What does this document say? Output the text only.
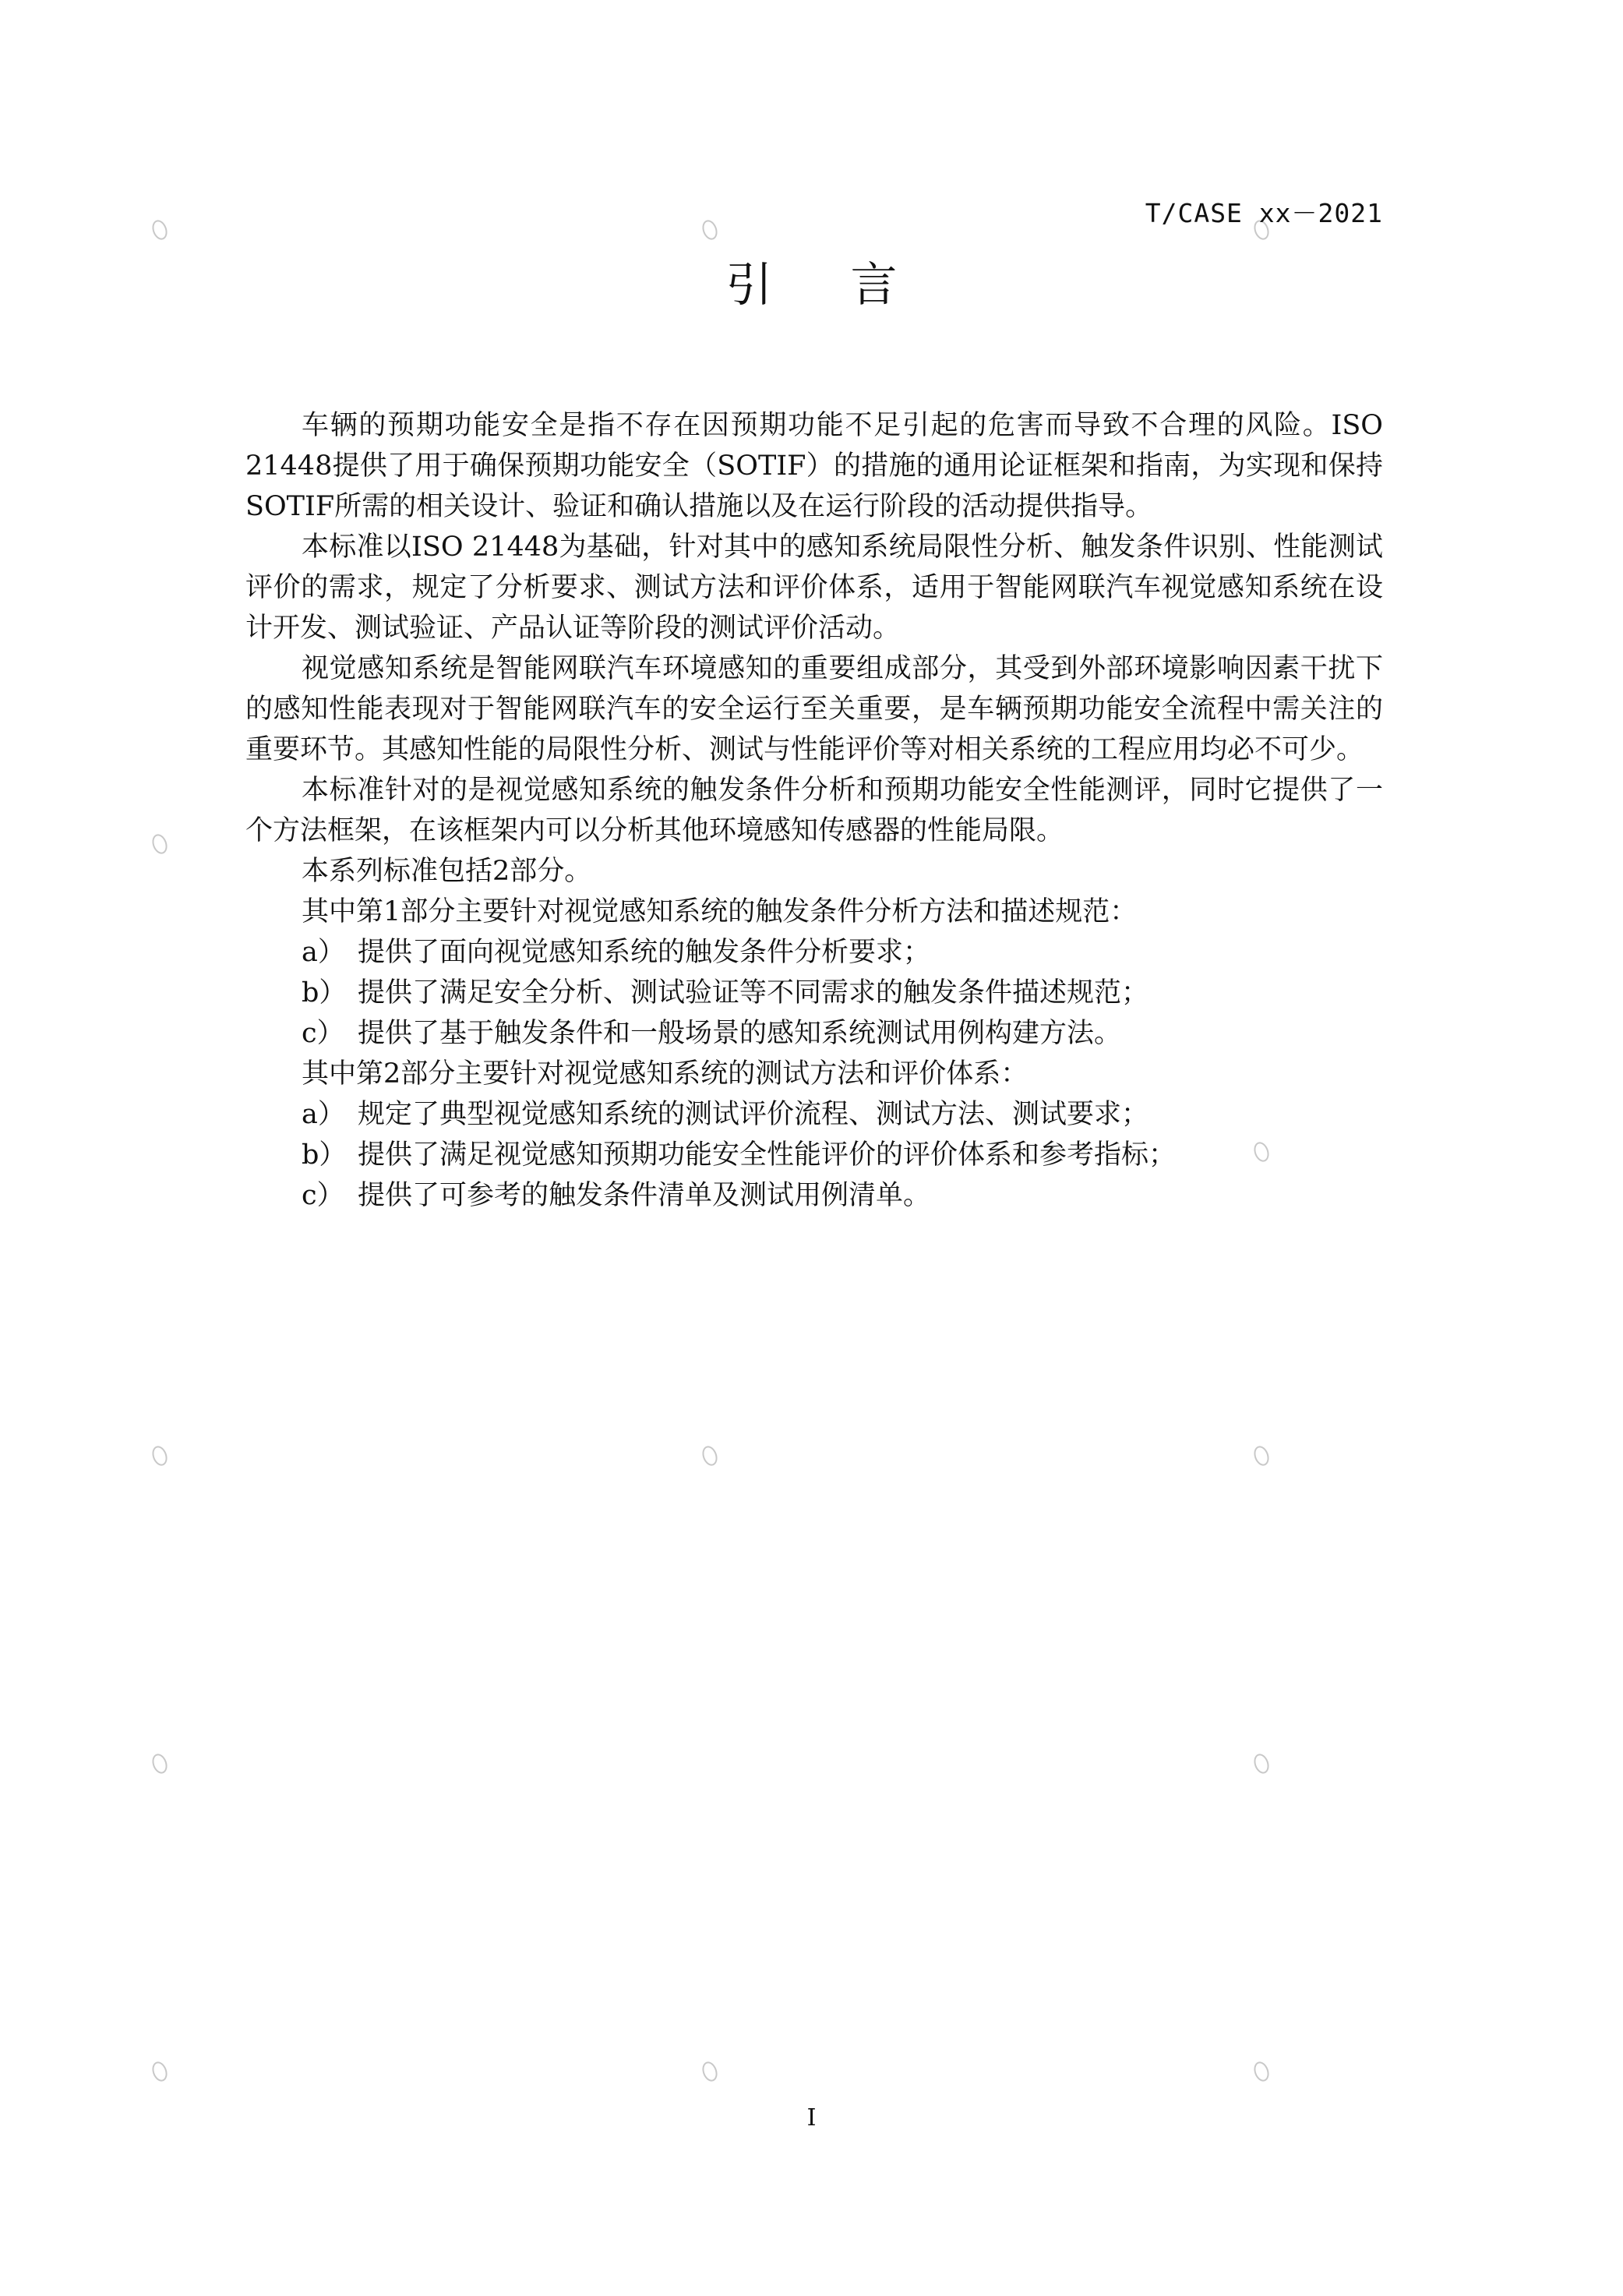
T/CASE xx－2021
引言

车辆的预期功能安全是指不存在因预期功能不足引起的危害而导致不合理的风险。ISO 21448提供了用于确保预期功能安全（SOTIF）的措施的通用论证框架和指南，为实现和保持SOTIF所需的相关设计、验证和确认措施以及在运行阶段的活动提供指导。

本标准以ISO 21448为基础，针对其中的感知系统局限性分析、触发条件识别、性能测试评价的需求，规定了分析要求、测试方法和评价体系，适用于智能网联汽车视觉感知系统在设计开发、测试验证、产品认证等阶段的测试评价活动。

视觉感知系统是智能网联汽车环境感知的重要组成部分，其受到外部环境影响因素干扰下的感知性能表现对于智能网联汽车的安全运行至关重要，是车辆预期功能安全流程中需关注的重要环节。其感知性能的局限性分析、测试与性能评价等对相关系统的工程应用均必不可少。

本标准针对的是视觉感知系统的触发条件分析和预期功能安全性能测评，同时它提供了一个方法框架，在该框架内可以分析其他环境感知传感器的性能局限。

本系列标准包括2部分。

其中第1部分主要针对视觉感知系统的触发条件分析方法和描述规范：

a） 提供了面向视觉感知系统的触发条件分析要求；

b） 提供了满足安全分析、测试验证等不同需求的触发条件描述规范；

c） 提供了基于触发条件和一般场景的感知系统测试用例构建方法。

其中第2部分主要针对视觉感知系统的测试方法和评价体系：

a） 规定了典型视觉感知系统的测试评价流程、测试方法、测试要求；

b） 提供了满足视觉感知预期功能安全性能评价的评价体系和参考指标；

c） 提供了可参考的触发条件清单及测试用例清单。

I
